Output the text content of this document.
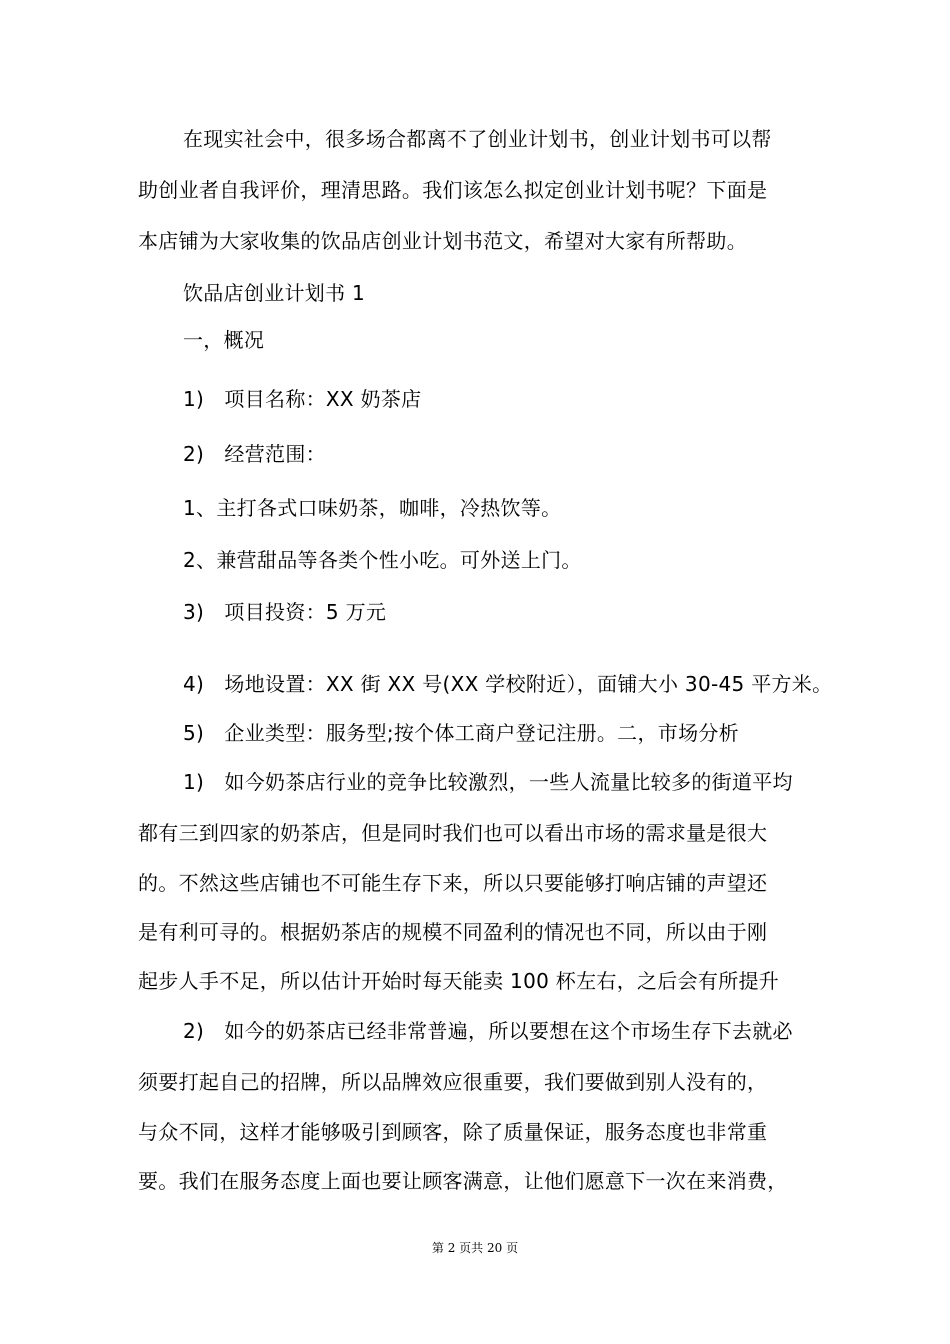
在现实社会中，很多场合都离不了创业计划书，创业计划书可以帮
助创业者自我评价，理清思路。我们该怎么拟定创业计划书呢？下面是
本店铺为大家收集的饮品店创业计划书范文，希望对大家有所帮助。
饮品店创业计划书 1
一，概况
1)　项目名称：XX 奶茶店
2)　经营范围：
1、主打各式口味奶茶，咖啡，冷热饮等。
2、兼营甜品等各类个性小吃。可外送上门。
3)　项目投资：5 万元
4)　场地设置：XX 街 XX 号(XX 学校附近），面铺大小 30-45 平方米。
5)　企业类型：服务型;按个体工商户登记注册。二，市场分析
1)　如今奶茶店行业的竞争比较激烈，一些人流量比较多的街道平均
都有三到四家的奶茶店，但是同时我们也可以看出市场的需求量是很大
的。不然这些店铺也不可能生存下来，所以只要能够打响店铺的声望还
是有利可寻的。根据奶茶店的规模不同盈利的情况也不同，所以由于刚
起步人手不足，所以估计开始时每天能卖 100 杯左右，之后会有所提升
2)　如今的奶茶店已经非常普遍，所以要想在这个市场生存下去就必
须要打起自己的招牌，所以品牌效应很重要，我们要做到别人没有的，
与众不同，这样才能够吸引到顾客，除了质量保证，服务态度也非常重
要。我们在服务态度上面也要让顾客满意，让他们愿意下一次在来消费，
第 2 页共 20 页
